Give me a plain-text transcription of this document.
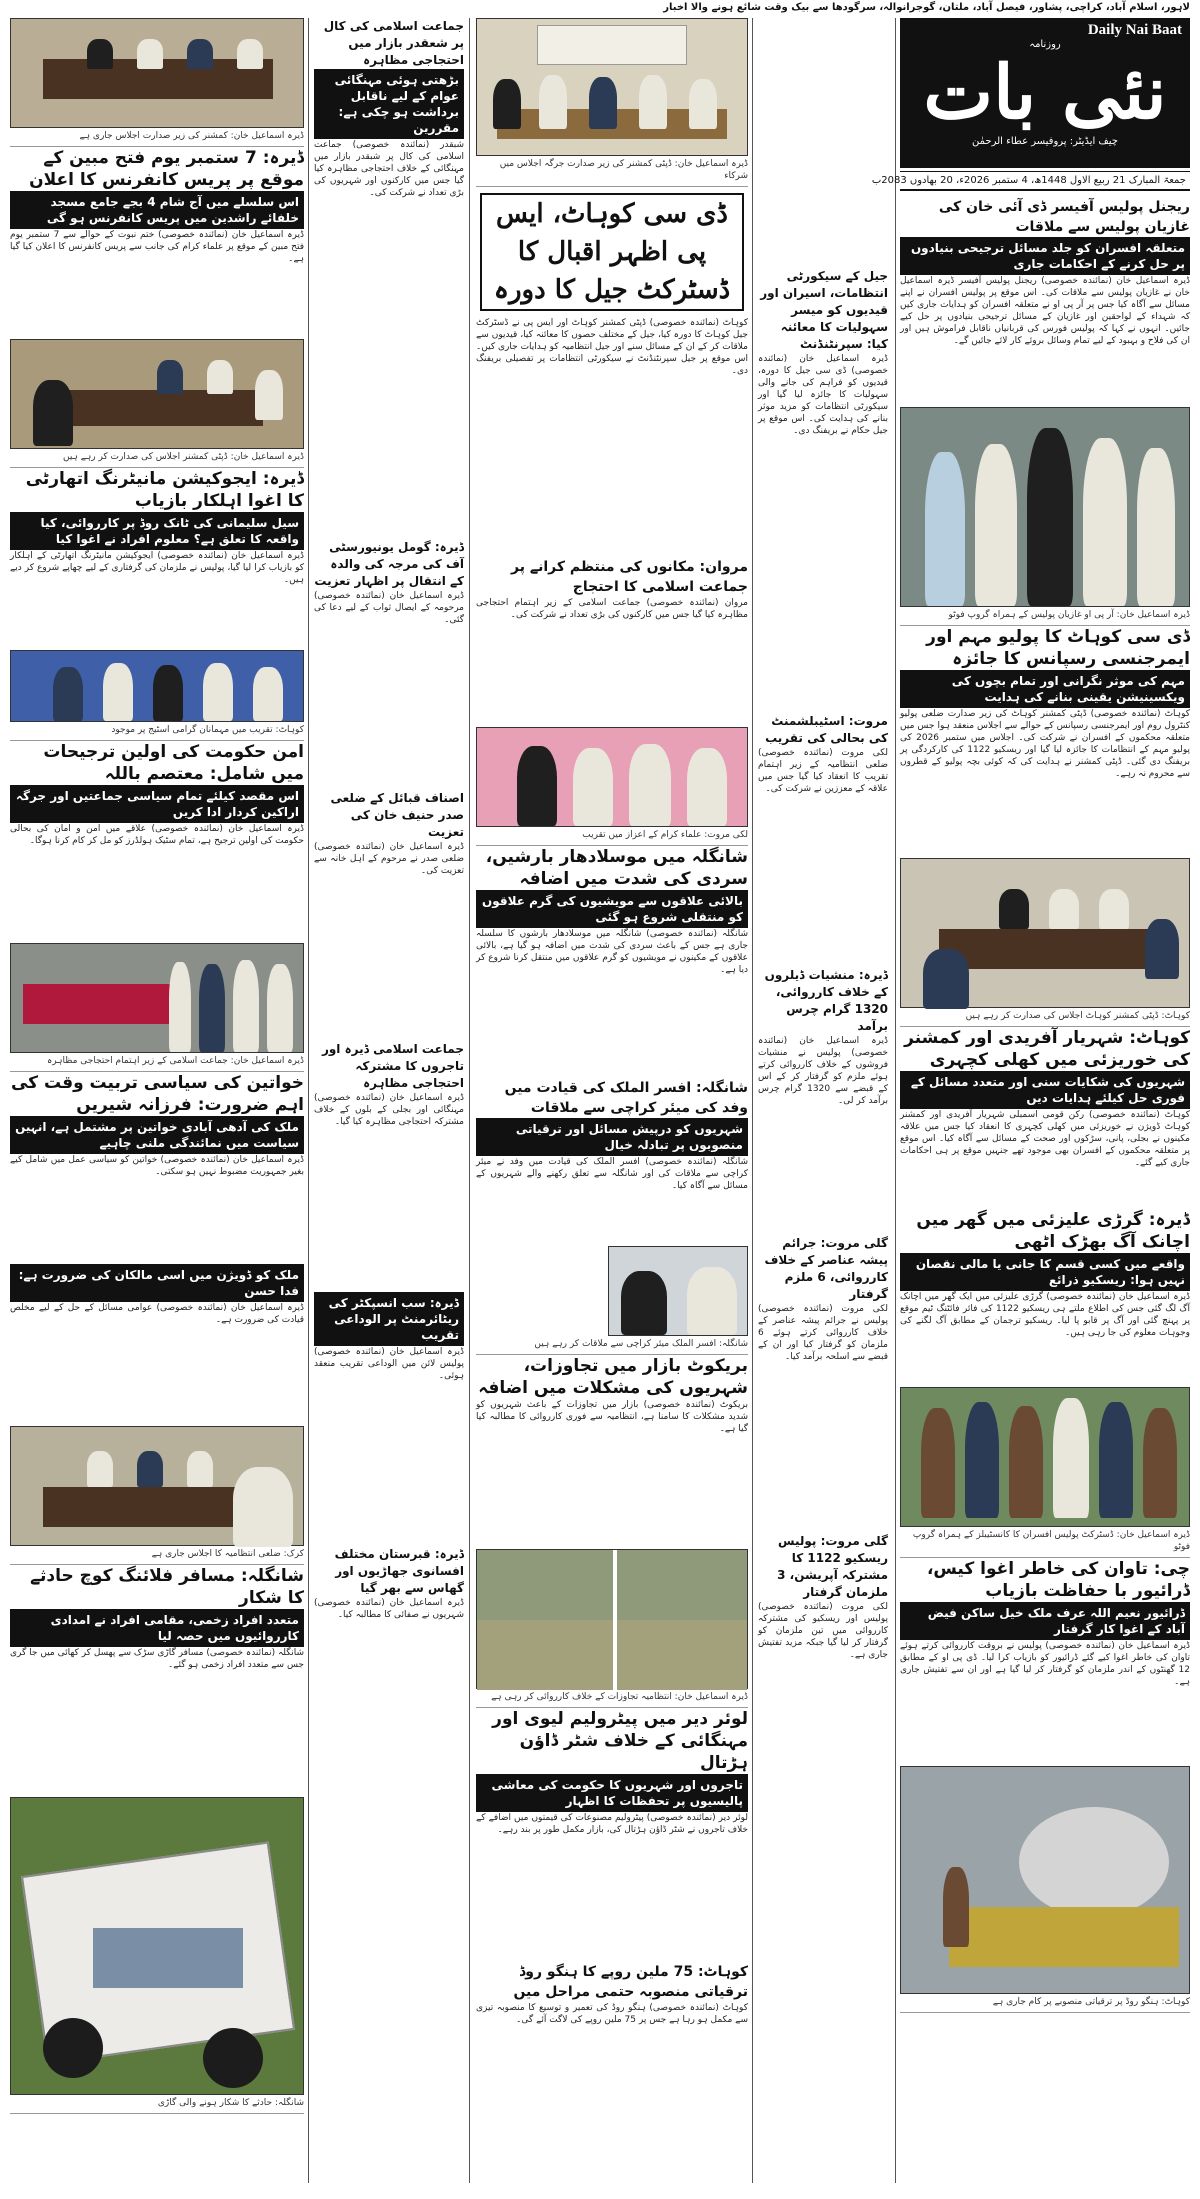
لاہور، اسلام آباد، کراچی، پشاور، فیصل آباد، ملتان، گوجرانوالہ، سرگودھا سے بیک وقت شائع ہونے والا اخبار
Daily Nai Baat
روزنامہ
نئی بات
چیف ایڈیٹر: پروفیسر عطاء الرحمٰن
جمعۃ المبارک 21 ربیع الاول 1448ھ، 4 ستمبر 2026ء، 20 بھادوں 2083ب
ریجنل پولیس آفیسر ڈی آئی خان کی غازیان پولیس سے ملاقات
متعلقہ افسران کو جلد مسائل ترجیحی بنیادوں پر حل کرنے کے احکامات جاری
ڈیرہ اسماعیل خان (نمائندہ خصوصی) ریجنل پولیس آفیسر ڈیرہ اسماعیل خان نے غازیان پولیس سے ملاقات کی۔ اس موقع پر پولیس افسران نے اپنے مسائل سے آگاہ کیا جس پر آر پی او نے متعلقہ افسران کو ہدایات جاری کیں کہ شہداء کے لواحقین اور غازیان کے مسائل ترجیحی بنیادوں پر حل کیے جائیں۔ انہوں نے کہا کہ پولیس فورس کی قربانیاں ناقابل فراموش ہیں اور ان کی فلاح و بہبود کے لیے تمام وسائل بروئے کار لائے جائیں گے۔
ڈیرہ اسماعیل خان: آر پی او غازیان پولیس کے ہمراہ گروپ فوٹو
ڈی سی کوہاٹ کا پولیو مہم اور ایمرجنسی رسپانس کا جائزہ
مہم کی موثر نگرانی اور تمام بچوں کی ویکسینیشن یقینی بنانے کی ہدایت
کوہاٹ (نمائندہ خصوصی) ڈپٹی کمشنر کوہاٹ کی زیر صدارت ضلعی پولیو کنٹرول روم اور ایمرجنسی رسپانس کے حوالے سے اجلاس منعقد ہوا جس میں متعلقہ محکموں کے افسران نے شرکت کی۔ اجلاس میں ستمبر 2026 کی پولیو مہم کے انتظامات کا جائزہ لیا گیا اور ریسکیو 1122 کی کارکردگی پر بریفنگ دی گئی۔ ڈپٹی کمشنر نے ہدایت کی کہ کوئی بچہ پولیو کے قطروں سے محروم نہ رہے۔
کوہاٹ: ڈپٹی کمشنر کوہاٹ اجلاس کی صدارت کر رہے ہیں
کوہاٹ: شہریار آفریدی اور کمشنر کی خوریزئی میں کھلی کچہری
شہریوں کی شکایات سنی اور متعدد مسائل کے فوری حل کیلئے ہدایات دیں
کوہاٹ (نمائندہ خصوصی) رکن قومی اسمبلی شہریار آفریدی اور کمشنر کوہاٹ ڈویژن نے خوریزئی میں کھلی کچہری کا انعقاد کیا جس میں علاقہ مکینوں نے بجلی، پانی، سڑکوں اور صحت کے مسائل سے آگاہ کیا۔ اس موقع پر متعلقہ محکموں کے افسران بھی موجود تھے جنہیں موقع پر ہی احکامات جاری کیے گئے۔
ڈیرہ: گرڑی علیزئی میں گھر میں اچانک آگ بھڑک اٹھی
واقعے میں کسی قسم کا جانی یا مالی نقصان نہیں ہوا: ریسکیو ذرائع
ڈیرہ اسماعیل خان (نمائندہ خصوصی) گرڑی علیزئی میں ایک گھر میں اچانک آگ لگ گئی جس کی اطلاع ملتے ہی ریسکیو 1122 کی فائر فائٹنگ ٹیم موقع پر پہنچ گئی اور آگ پر قابو پا لیا۔ ریسکیو ترجمان کے مطابق آگ لگنے کی وجوہات معلوم کی جا رہی ہیں۔
ڈیرہ اسماعیل خان: ڈسٹرکٹ پولیس افسران کا کانسٹیبلز کے ہمراہ گروپ فوٹو
چی: تاوان کی خاطر اغوا کیس، ڈرائیور با حفاظت بازیاب
ڈرائیور نعیم اللہ عرف ملک خیل ساکن فیض آباد کے اغوا کار گرفتار
ڈیرہ اسماعیل خان (نمائندہ خصوصی) پولیس نے بروقت کارروائی کرتے ہوئے تاوان کی خاطر اغوا کیے گئے ڈرائیور کو بازیاب کرا لیا۔ ڈی پی او کے مطابق 12 گھنٹوں کے اندر ملزمان کو گرفتار کر لیا گیا ہے اور ان سے تفتیش جاری ہے۔
کوہاٹ: ہنگو روڈ پر ترقیاتی منصوبے پر کام جاری ہے
جیل کے سیکورٹی انتظامات، اسیران اور قیدیوں کو میسر سہولیات کا معائنہ کیا: سپرنٹنڈنٹ
ڈیرہ اسماعیل خان (نمائندہ خصوصی) ڈی سی جیل کا دورہ، قیدیوں کو فراہم کی جانے والی سہولیات کا جائزہ لیا گیا اور سیکورٹی انتظامات کو مزید موثر بنانے کی ہدایت کی۔ اس موقع پر جیل حکام نے بریفنگ دی۔
مروت: اسٹیبلشمنٹ کی بحالی کی تقریب
لکی مروت (نمائندہ خصوصی) ضلعی انتظامیہ کے زیر اہتمام تقریب کا انعقاد کیا گیا جس میں علاقہ کے معززین نے شرکت کی۔
ڈیرہ: منشیات ڈیلروں کے خلاف کارروائی، 1320 گرام چرس برآمد
ڈیرہ اسماعیل خان (نمائندہ خصوصی) پولیس نے منشیات فروشوں کے خلاف کارروائی کرتے ہوئے ملزم کو گرفتار کر کے اس کے قبضے سے 1320 گرام چرس برآمد کر لی۔
گلی مروت: جرائم پیشہ عناصر کے خلاف کارروائی، 6 ملزم گرفتار
لکی مروت (نمائندہ خصوصی) پولیس نے جرائم پیشہ عناصر کے خلاف کارروائی کرتے ہوئے 6 ملزمان کو گرفتار کیا اور ان کے قبضے سے اسلحہ برآمد کیا۔
گلی مروت: پولیس ریسکیو 1122 کا مشترکہ آپریشن، 3 ملزمان گرفتار
لکی مروت (نمائندہ خصوصی) پولیس اور ریسکیو کی مشترکہ کارروائی میں تین ملزمان کو گرفتار کر لیا گیا جبکہ مزید تفتیش جاری ہے۔
ڈیرہ اسماعیل خان: ڈپٹی کمشنر کی زیر صدارت جرگہ اجلاس میں شرکاء
ڈی سی کوہاٹ، ایس پی اظہر اقبال کا ڈسٹرکٹ جیل کا دورہ
کوہاٹ (نمائندہ خصوصی) ڈپٹی کمشنر کوہاٹ اور ایس پی نے ڈسٹرکٹ جیل کوہاٹ کا دورہ کیا، جیل کے مختلف حصوں کا معائنہ کیا، قیدیوں سے ملاقات کر کے ان کے مسائل سنے اور جیل انتظامیہ کو ہدایات جاری کیں۔ اس موقع پر جیل سپرنٹنڈنٹ نے سیکورٹی انتظامات پر تفصیلی بریفنگ دی۔
مروان: مکانوں کی منتظم کرانے پر جماعت اسلامی کا احتجاج
مروان (نمائندہ خصوصی) جماعت اسلامی کے زیر اہتمام احتجاجی مظاہرہ کیا گیا جس میں کارکنوں کی بڑی تعداد نے شرکت کی۔
لکی مروت: علماء کرام کے اعزاز میں تقریب
شانگلہ میں موسلادھار بارشیں، سردی کی شدت میں اضافہ
بالائی علاقوں سے مویشیوں کی گرم علاقوں کو منتقلی شروع ہو گئی
شانگلہ (نمائندہ خصوصی) شانگلہ میں موسلادھار بارشوں کا سلسلہ جاری ہے جس کے باعث سردی کی شدت میں اضافہ ہو گیا ہے، بالائی علاقوں کے مکینوں نے مویشیوں کو گرم علاقوں میں منتقل کرنا شروع کر دیا ہے۔
شانگلہ: افسر الملک کی قیادت میں وفد کی میئر کراچی سے ملاقات
شہریوں کو درپیش مسائل اور ترقیاتی منصوبوں پر تبادلہ خیال
شانگلہ (نمائندہ خصوصی) افسر الملک کی قیادت میں وفد نے میئر کراچی سے ملاقات کی اور شانگلہ سے تعلق رکھنے والے شہریوں کے مسائل سے آگاہ کیا۔
شانگلہ: افسر الملک میئر کراچی سے ملاقات کر رہے ہیں
بریکوٹ بازار میں تجاوزات، شہریوں کی مشکلات میں اضافہ
بریکوٹ (نمائندہ خصوصی) بازار میں تجاوزات کے باعث شہریوں کو شدید مشکلات کا سامنا ہے، انتظامیہ سے فوری کارروائی کا مطالبہ کیا گیا ہے۔
ڈیرہ اسماعیل خان: انتظامیہ تجاوزات کے خلاف کارروائی کر رہی ہے
لوئر دیر میں پیٹرولیم لیوی اور مہنگائی کے خلاف شٹر ڈاؤن ہڑتال
تاجروں اور شہریوں کا حکومت کی معاشی پالیسیوں پر تحفظات کا اظہار
لوئر دیر (نمائندہ خصوصی) پیٹرولیم مصنوعات کی قیمتوں میں اضافے کے خلاف تاجروں نے شٹر ڈاؤن ہڑتال کی، بازار مکمل طور پر بند رہے۔
کوہاٹ: 75 ملین روپے کا ہنگو روڈ ترقیاتی منصوبہ حتمی مراحل میں
کوہاٹ (نمائندہ خصوصی) ہنگو روڈ کی تعمیر و توسیع کا منصوبہ تیزی سے مکمل ہو رہا ہے جس پر 75 ملین روپے کی لاگت آئے گی۔
جماعت اسلامی کی کال پر شعقدر بازار میں احتجاجی مظاہرہ
بڑھتی ہوئی مہنگائی عوام کے لیے ناقابل برداشت ہو چکی ہے: مقررین
شبقدر (نمائندہ خصوصی) جماعت اسلامی کی کال پر شبقدر بازار میں مہنگائی کے خلاف احتجاجی مظاہرہ کیا گیا جس میں کارکنوں اور شہریوں کی بڑی تعداد نے شرکت کی۔
ڈیرہ: گومل یونیورسٹی آف کی مرجہ کی والدہ کے انتقال پر اظہار تعزیت
ڈیرہ اسماعیل خان (نمائندہ خصوصی) مرحومہ کے ایصال ثواب کے لیے دعا کی گئی۔
اصناف قبائل کے ضلعی صدر حنیف خان کی تعزیت
ڈیرہ اسماعیل خان (نمائندہ خصوصی) ضلعی صدر نے مرحوم کے اہل خانہ سے تعزیت کی۔
جماعت اسلامی ڈیرہ اور تاجروں کا مشترکہ احتجاجی مظاہرہ
ڈیرہ اسماعیل خان (نمائندہ خصوصی) مہنگائی اور بجلی کے بلوں کے خلاف مشترکہ احتجاجی مظاہرہ کیا گیا۔
ڈیرہ: سب انسپکٹر کی ریٹائرمنٹ پر الوداعی تقریب
ڈیرہ اسماعیل خان (نمائندہ خصوصی) پولیس لائن میں الوداعی تقریب منعقد ہوئی۔
ڈیرہ: قبرستان مختلف افسانوی جھاڑیوں اور گھاس سے بھر گیا
ڈیرہ اسماعیل خان (نمائندہ خصوصی) شہریوں نے صفائی کا مطالبہ کیا۔
ڈیرہ اسماعیل خان: کمشنر کی زیر صدارت اجلاس جاری ہے
ڈیرہ: 7 ستمبر یوم فتح مبین کے موقع پر پریس کانفرنس کا اعلان
اس سلسلے میں آج شام 4 بجے جامع مسجد خلفائے راشدین میں پریس کانفرنس ہو گی
ڈیرہ اسماعیل خان (نمائندہ خصوصی) ختم نبوت کے حوالے سے 7 ستمبر یوم فتح مبین کے موقع پر علماء کرام کی جانب سے پریس کانفرنس کا اعلان کیا گیا ہے۔
ڈیرہ اسماعیل خان: ڈپٹی کمشنر اجلاس کی صدارت کر رہے ہیں
ڈیرہ: ایجوکیشن مانیٹرنگ اتھارٹی کا اغوا اہلکار بازیاب
سیل سلیمانی کی ٹانک روڈ پر کارروائی، کیا واقعہ کا تعلق ہے؟ معلوم افراد نے اغوا کیا
ڈیرہ اسماعیل خان (نمائندہ خصوصی) ایجوکیشن مانیٹرنگ اتھارٹی کے اہلکار کو بازیاب کرا لیا گیا، پولیس نے ملزمان کی گرفتاری کے لیے چھاپے شروع کر دیے ہیں۔
کوہاٹ: تقریب میں مہمانان گرامی اسٹیج پر موجود
امن حکومت کی اولین ترجیحات میں شامل: معتصم باللہ
اس مقصد کیلئے تمام سیاسی جماعتیں اور جرگہ اراکین کردار ادا کریں
ڈیرہ اسماعیل خان (نمائندہ خصوصی) علاقے میں امن و امان کی بحالی حکومت کی اولین ترجیح ہے، تمام سٹیک ہولڈرز کو مل کر کام کرنا ہوگا۔
ڈیرہ اسماعیل خان: جماعت اسلامی کے زیر اہتمام احتجاجی مظاہرہ
خواتین کی سیاسی تربیت وقت کی اہم ضرورت: فرزانہ شیریں
ملک کی آدھی آبادی خواتین پر مشتمل ہے، انہیں سیاست میں نمائندگی ملنی چاہیے
ڈیرہ اسماعیل خان (نمائندہ خصوصی) خواتین کو سیاسی عمل میں شامل کیے بغیر جمہوریت مضبوط نہیں ہو سکتی۔
ملک کو ڈویژن میں اسی مالکان کی ضرورت ہے: فدا حسن
ڈیرہ اسماعیل خان (نمائندہ خصوصی) عوامی مسائل کے حل کے لیے مخلص قیادت کی ضرورت ہے۔
کرک: ضلعی انتظامیہ کا اجلاس جاری ہے
شانگلہ: مسافر فلائنگ کوچ حادثے کا شکار
متعدد افراد زخمی، مقامی افراد نے امدادی کارروائیوں میں حصہ لیا
شانگلہ (نمائندہ خصوصی) مسافر گاڑی سڑک سے پھسل کر کھائی میں جا گری جس سے متعدد افراد زخمی ہو گئے۔
شانگلہ: حادثے کا شکار ہونے والی گاڑی
